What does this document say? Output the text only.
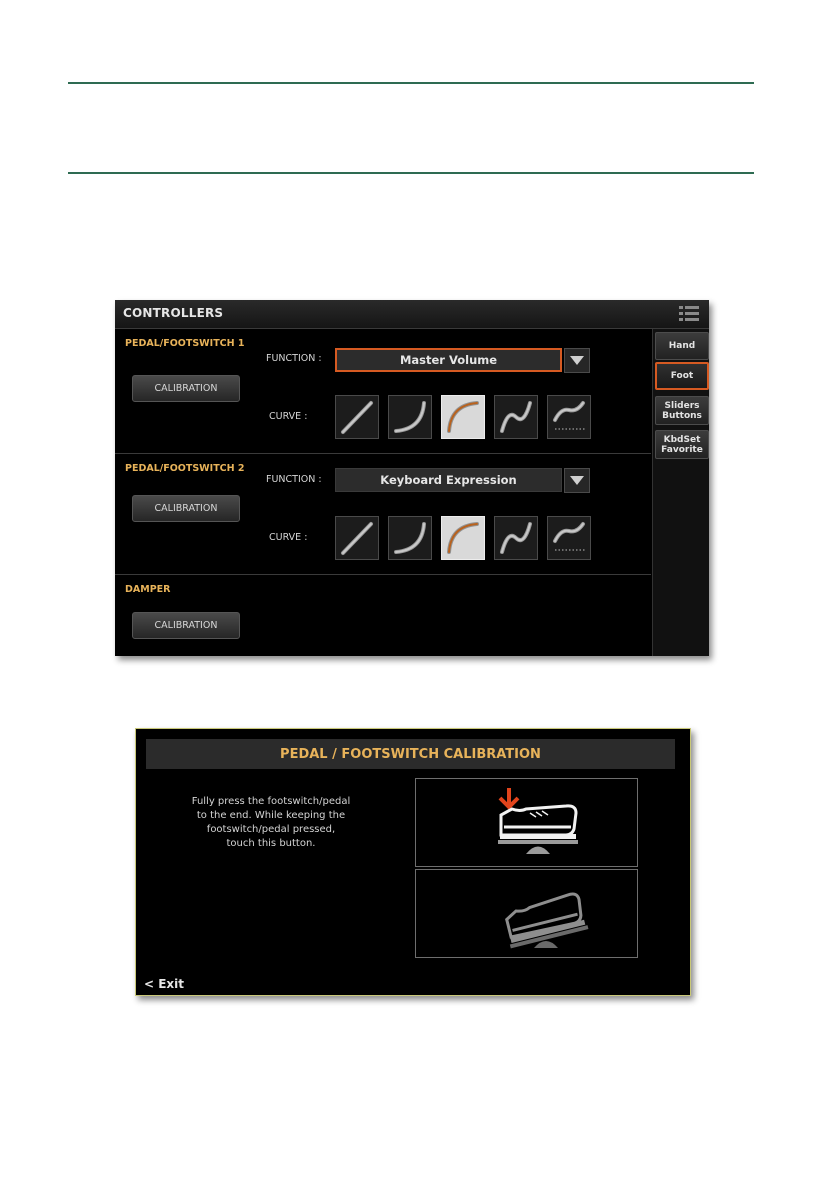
CONTROLLERS
PEDAL/FOOTSWITCH 1
CALIBRATION
FUNCTION :	Master Volume
CURVE :
PEDAL/FOOTSWITCH 2
CALIBRATION
FUNCTION :	Keyboard Expression
CURVE :
DAMPER
CALIBRATION
Hand
Foot
Sliders
Buttons
KbdSet
Favorite
PEDAL / FOOTSWITCH CALIBRATION
Fully press the footswitch/pedal
to the end. While keeping the
footswitch/pedal pressed,
touch this button.
< Exit
